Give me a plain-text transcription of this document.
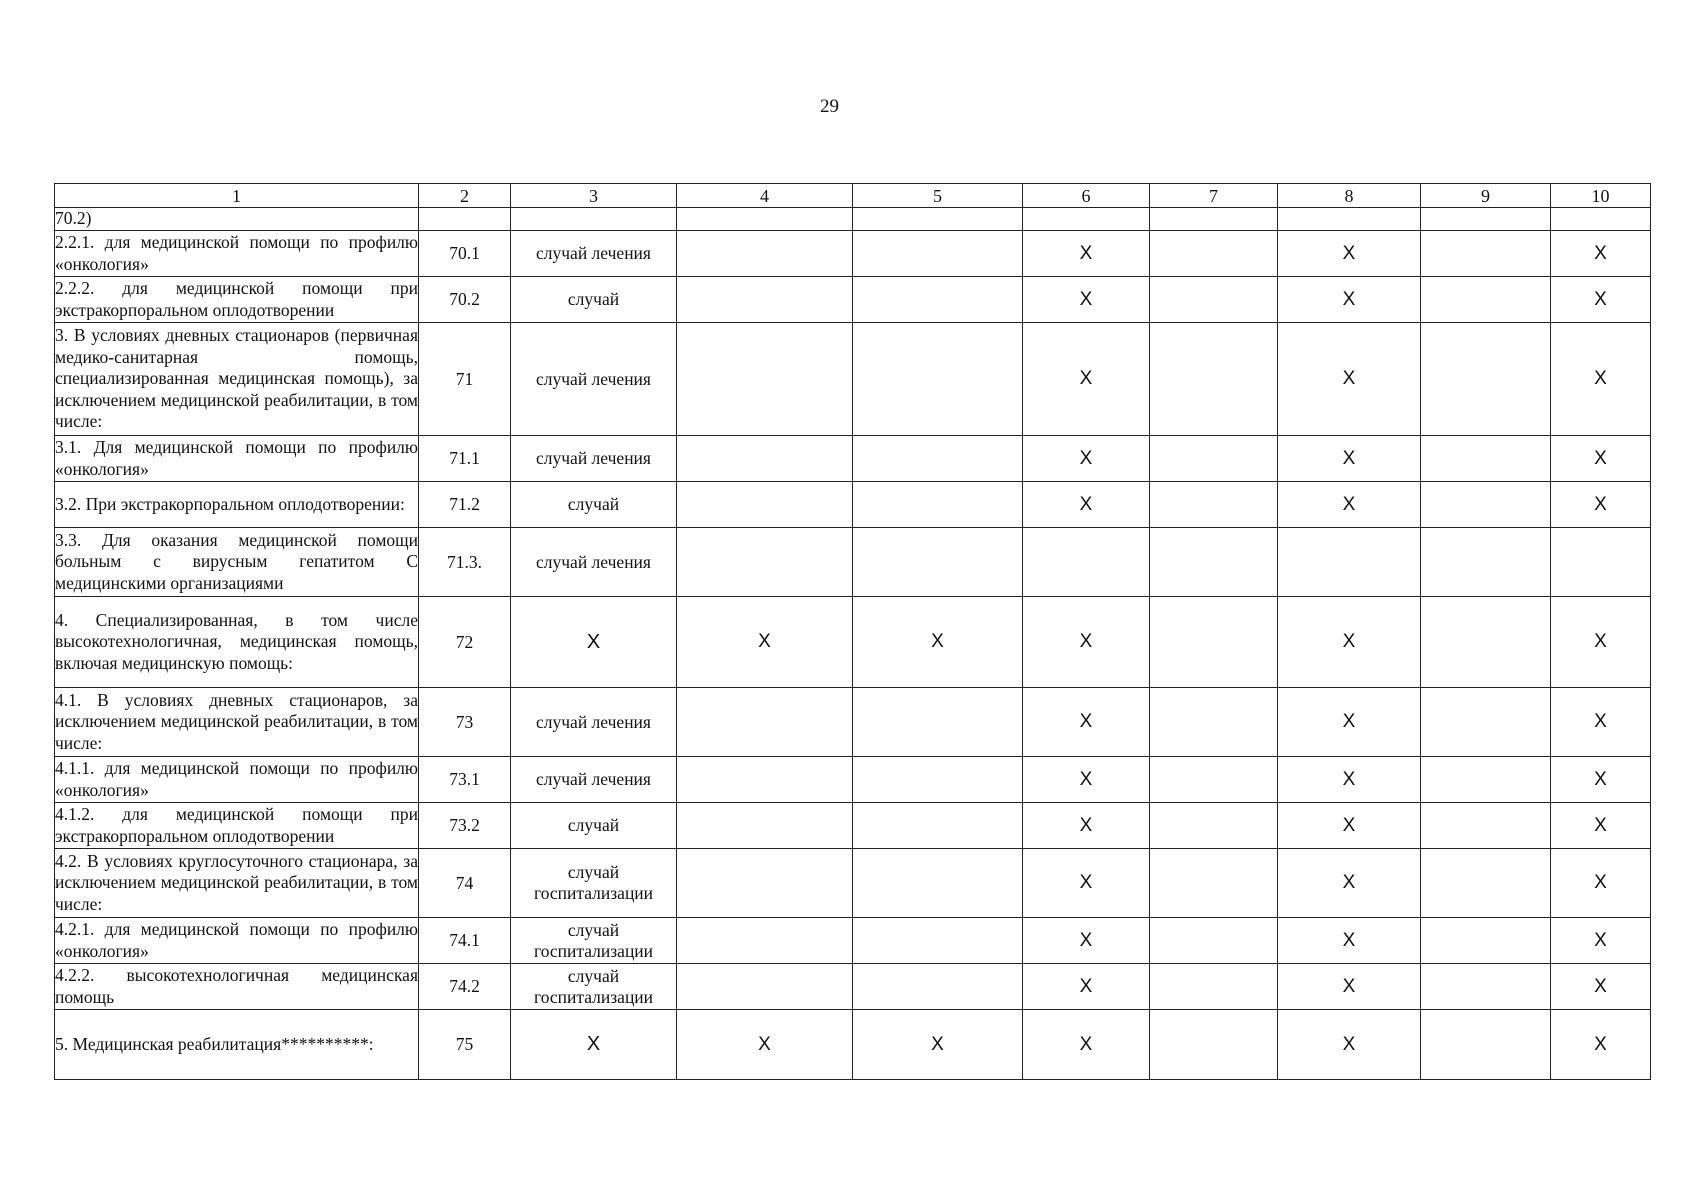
29
1	2	3	4	5	6	7	8	9	10
70.2)									
2.2.1. для медицинской помощи по профилю «онкология»	70.1	случай лечения			X		X		X
2.2.2. для медицинской помощи при экстракорпоральном оплодотворении	70.2	случай			X		X		X
3. В условиях дневных стационаров (первичная медико-санитарная помощь, специализированная медицинская помощь), за исключением медицинской реабилитации, в том числе:	71	случай лечения			X		X		X
3.1. Для медицинской помощи по профилю «онкология»	71.1	случай лечения			X		X		X
3.2. При экстракорпоральном оплодотворении:	71.2	случай			X		X		X
3.3. Для оказания медицинской помощи больным с вирусным гепатитом С медицинскими организациями	71.3.	случай лечения							
4. Специализированная, в том числе высокотехнологичная, медицинская помощь, включая медицинскую помощь:	72	X	X	X	X		X		X
4.1. В условиях дневных стационаров, за исключением медицинской реабилитации, в том числе:	73	случай лечения			X		X		X
4.1.1. для медицинской помощи по профилю «онкология»	73.1	случай лечения			X		X		X
4.1.2. для медицинской помощи при экстракорпоральном оплодотворении	73.2	случай			X		X		X
4.2. В условиях круглосуточного стационара, за исключением медицинской реабилитации, в том числе:	74	случай госпитализации			X		X		X
4.2.1. для медицинской помощи по профилю «онкология»	74.1	случай госпитализации			X		X		X
4.2.2. высокотехнологичная медицинская помощь	74.2	случай госпитализации			X		X		X
5. Медицинская реабилитация**********:	75	X	X	X	X		X		X
